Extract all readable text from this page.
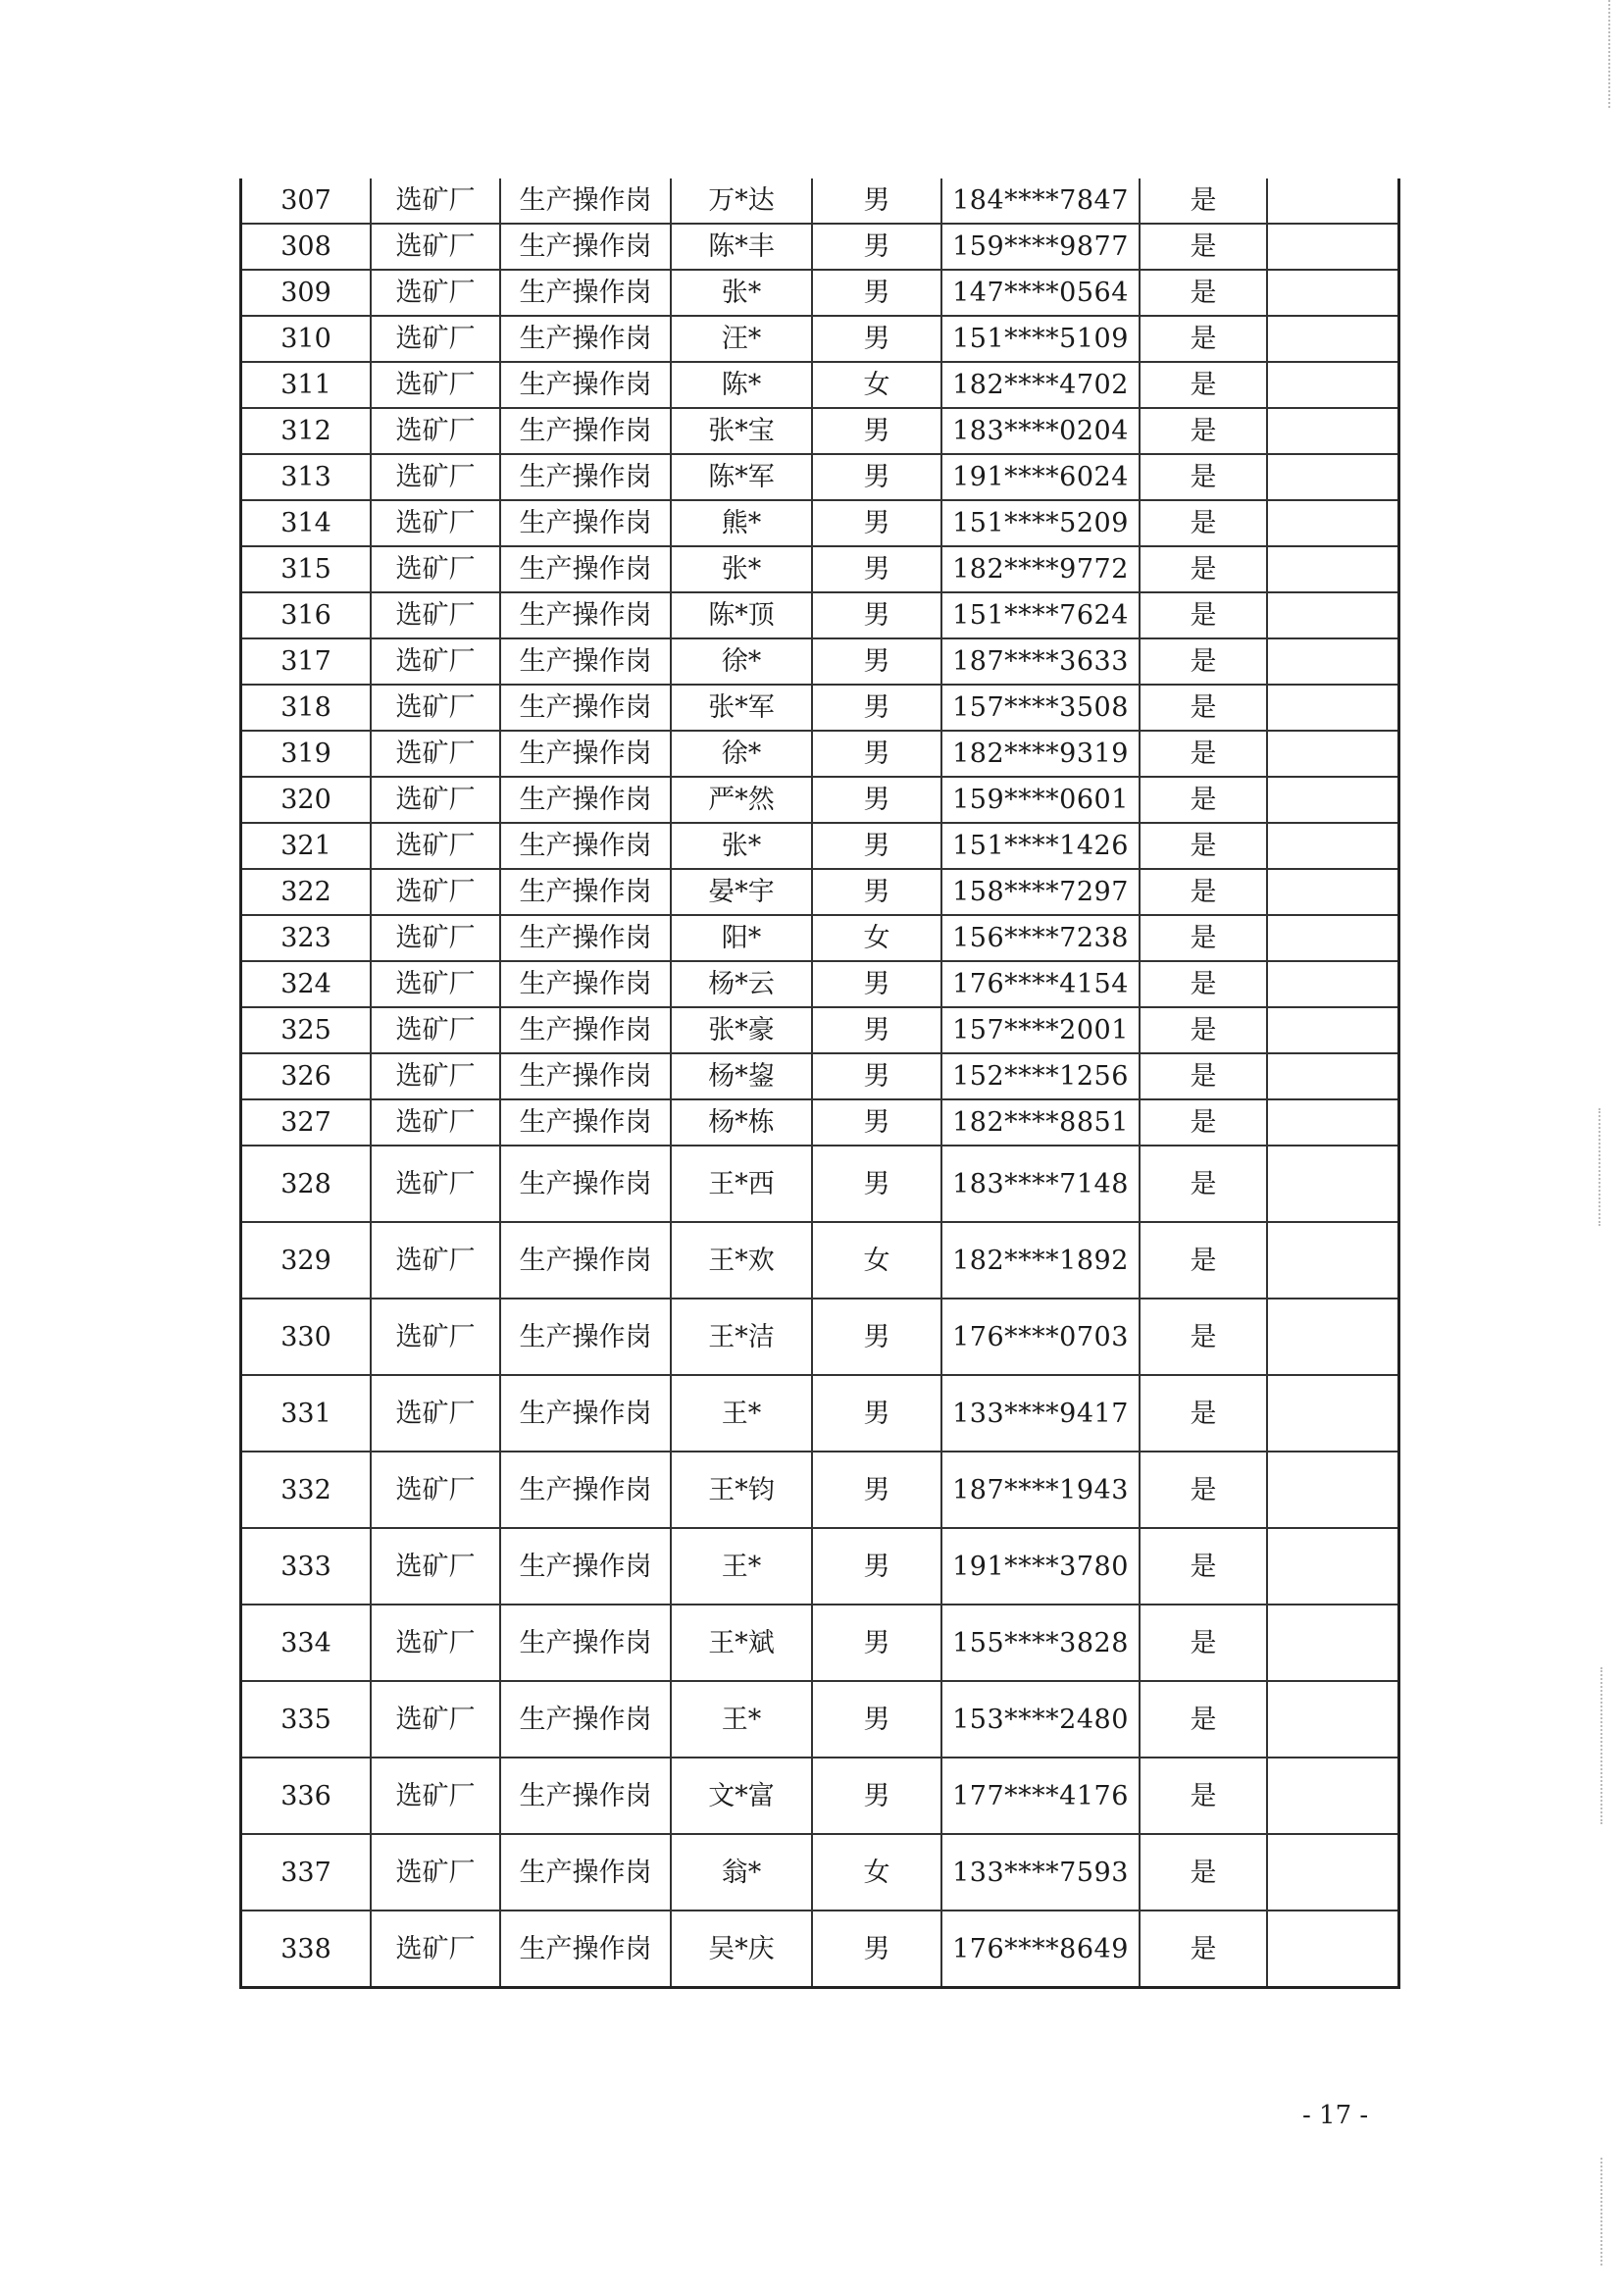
307	选矿厂	生产操作岗	万*达	男	184****7847	是	
308	选矿厂	生产操作岗	陈*丰	男	159****9877	是	
309	选矿厂	生产操作岗	张*	男	147****0564	是	
310	选矿厂	生产操作岗	汪*	男	151****5109	是	
311	选矿厂	生产操作岗	陈*	女	182****4702	是	
312	选矿厂	生产操作岗	张*宝	男	183****0204	是	
313	选矿厂	生产操作岗	陈*军	男	191****6024	是	
314	选矿厂	生产操作岗	熊*	男	151****5209	是	
315	选矿厂	生产操作岗	张*	男	182****9772	是	
316	选矿厂	生产操作岗	陈*顶	男	151****7624	是	
317	选矿厂	生产操作岗	徐*	男	187****3633	是	
318	选矿厂	生产操作岗	张*军	男	157****3508	是	
319	选矿厂	生产操作岗	徐*	男	182****9319	是	
320	选矿厂	生产操作岗	严*然	男	159****0601	是	
321	选矿厂	生产操作岗	张*	男	151****1426	是	
322	选矿厂	生产操作岗	晏*宇	男	158****7297	是	
323	选矿厂	生产操作岗	阳*	女	156****7238	是	
324	选矿厂	生产操作岗	杨*云	男	176****4154	是	
325	选矿厂	生产操作岗	张*豪	男	157****2001	是	
326	选矿厂	生产操作岗	杨*鋆	男	152****1256	是	
327	选矿厂	生产操作岗	杨*栋	男	182****8851	是	
328	选矿厂	生产操作岗	王*西	男	183****7148	是	
329	选矿厂	生产操作岗	王*欢	女	182****1892	是	
330	选矿厂	生产操作岗	王*洁	男	176****0703	是	
331	选矿厂	生产操作岗	王*	男	133****9417	是	
332	选矿厂	生产操作岗	王*钧	男	187****1943	是	
333	选矿厂	生产操作岗	王*	男	191****3780	是	
334	选矿厂	生产操作岗	王*斌	男	155****3828	是	
335	选矿厂	生产操作岗	王*	男	153****2480	是	
336	选矿厂	生产操作岗	文*富	男	177****4176	是	
337	选矿厂	生产操作岗	翁*	女	133****7593	是	
338	选矿厂	生产操作岗	吴*庆	男	176****8649	是	
- 17 -
